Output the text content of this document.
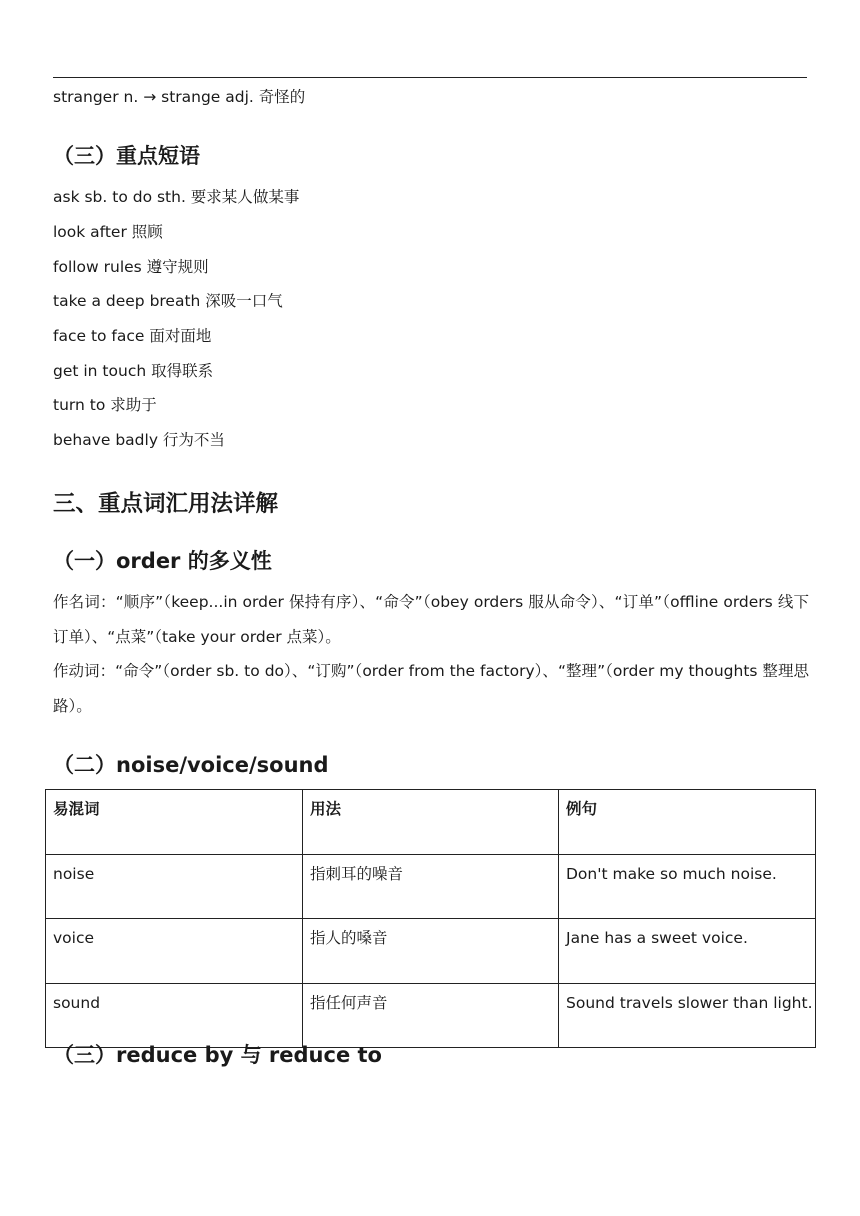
stranger n. → strange adj. 奇怪的
（三）重点短语
ask sb. to do sth. 要求某人做某事
look after 照顾
follow rules 遵守规则
take a deep breath 深吸一口气
face to face 面对面地
get in touch 取得联系
turn to 求助于
behave badly 行为不当
三、重点词汇用法详解
（一）order 的多义性
作名词：“顺序”（keep...in order 保持有序）、“命令”（obey orders 服从命令）、“订单”（offline orders 线下订单）、“点菜”（take your order 点菜）。
作动词：“命令”（order sb. to do）、“订购”（order from the factory）、“整理”（order my thoughts 整理思路）。
（二）noise/voice/sound
易混词	用法	例句
noise	指刺耳的噪音	Don't make so much noise.
voice	指人的嗓音	Jane has a sweet voice.
sound	指任何声音	Sound travels slower than light.
（三）reduce by 与 reduce to
